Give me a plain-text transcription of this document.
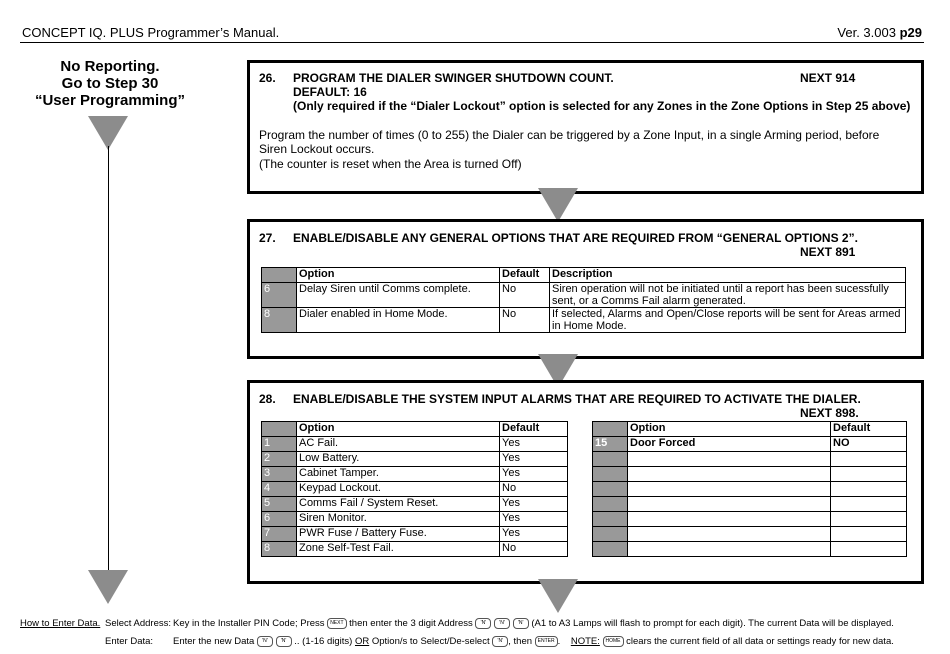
CONCEPT IQ. PLUS Programmer’s Manual.	Ver. 3.003 p29
No Reporting.
Go to Step 30
“User Programming”
26. PROGRAM THE DIALER SWINGER SHUTDOWN COUNT.	NEXT 914
DEFAULT: 16
(Only required if the “Dialer Lockout” option is selected for any Zones in the Zone Options in Step 25 above)
Program the number of times (0 to 255) the Dialer can be triggered by a Zone Input, in a single Arming period, before Siren Lockout occurs.
(The counter is reset when the Area is turned Off)
27. ENABLE/DISABLE ANY GENERAL OPTIONS THAT ARE REQUIRED FROM “GENERAL OPTIONS 2”.
NEXT 891
	Option	Default	Description
6	Delay Siren until Comms complete.	No	Siren operation will not be initiated until a report has been sucessfully sent, or a Comms Fail alarm generated.
8	Dialer enabled in Home Mode.	No	If selected, Alarms and Open/Close reports will be sent for Areas armed in Home Mode.
28. ENABLE/DISABLE THE SYSTEM INPUT ALARMS THAT ARE REQUIRED TO ACTIVATE THE DIALER.
NEXT 898.
	Option	Default
1	AC Fail.	Yes
2	Low Battery.	Yes
3	Cabinet Tamper.	Yes
4	Keypad Lockout.	No
5	Comms Fail / System Reset.	Yes
6	Siren Monitor.	Yes
7	PWR Fuse / Battery Fuse.	Yes
8	Zone Self-Test Fail.	No
	Option	Default
15	Door Forced	NO

How to Enter Data. Select Address: Key in the Installer PIN Code; Press NEXT then enter the 3 digit Address 'N'	'N'	'N' (A1 to A3 Lamps will flash to prompt for each digit). The current Data will be displayed.
Enter Data: Enter the new Data 'N'	'N' .. (1-16 digits) OR Option/s to Select/De-select 'N' , then ENTER .    NOTE: HOME clears the current field of all data or settings ready for new data.
